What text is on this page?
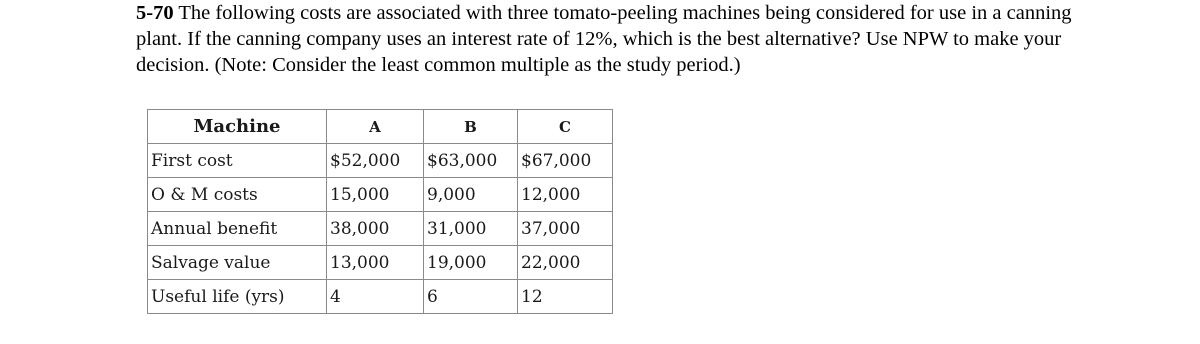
5-70 The following costs are associated with three tomato-peeling machines being considered for use in a canning plant. If the canning company uses an interest rate of 12%, which is the best alternative? Use NPW to make your decision. (Note: Consider the least common multiple as the study period.)

Machine	A	B	C
First cost	$52,000	$63,000	$67,000
O & M costs	15,000	9,000	12,000
Annual benefit	38,000	31,000	37,000
Salvage value	13,000	19,000	22,000
Useful life (yrs)	4	6	12
